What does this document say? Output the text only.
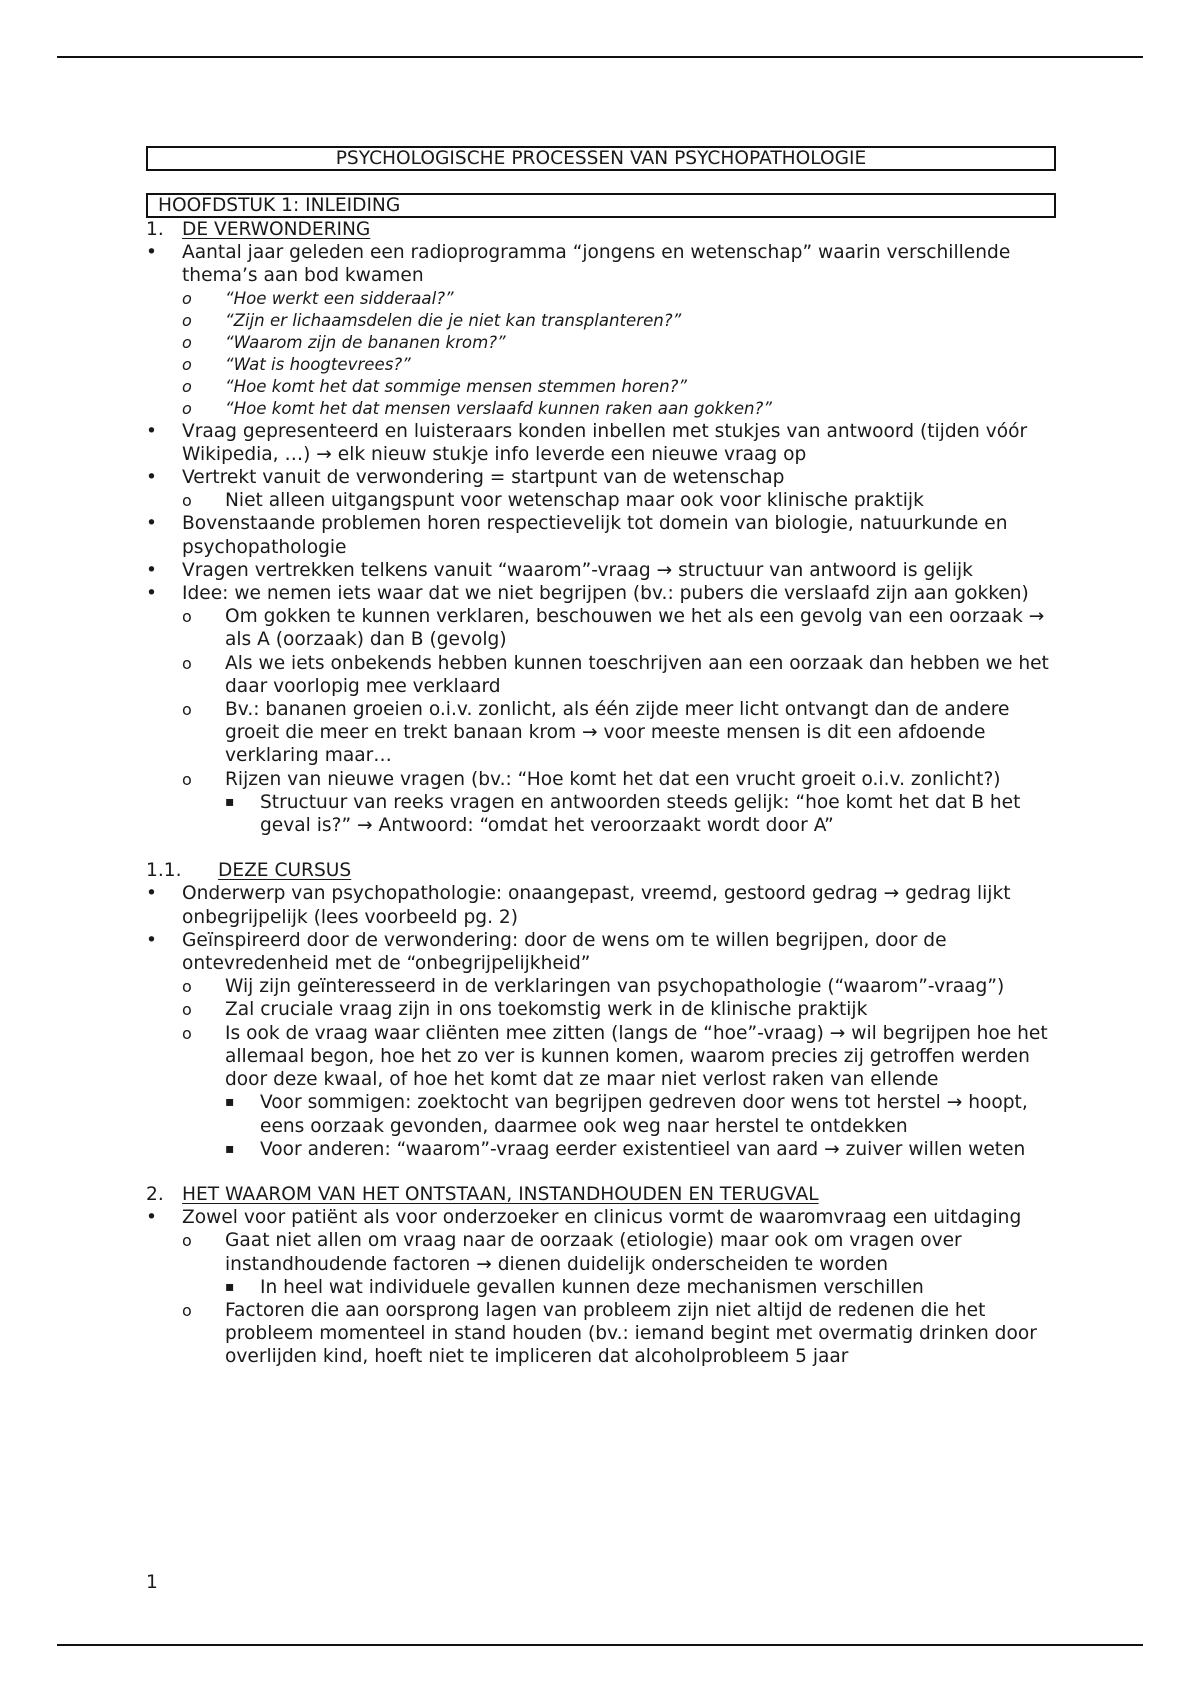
PSYCHOLOGISCHE PROCESSEN VAN PSYCHOPATHOLOGIE
HOOFDSTUK 1: INLEIDING
1. DE VERWONDERING
• Aantal jaar geleden een radioprogramma “jongens en wetenschap” waarin verschillende thema’s aan bod kwamen
o “Hoe werkt een sidderaal?”
o “Zijn er lichaamsdelen die je niet kan transplanteren?”
o “Waarom zijn de bananen krom?”
o “Wat is hoogtevrees?”
o “Hoe komt het dat sommige mensen stemmen horen?”
o “Hoe komt het dat mensen verslaafd kunnen raken aan gokken?”
• Vraag gepresenteerd en luisteraars konden inbellen met stukjes van antwoord (tijden vóór Wikipedia, …) → elk nieuw stukje info leverde een nieuwe vraag op
• Vertrekt vanuit de verwondering = startpunt van de wetenschap
o Niet alleen uitgangspunt voor wetenschap maar ook voor klinische praktijk
• Bovenstaande problemen horen respectievelijk tot domein van biologie, natuurkunde en psychopathologie
• Vragen vertrekken telkens vanuit “waarom”-vraag → structuur van antwoord is gelijk
• Idee: we nemen iets waar dat we niet begrijpen (bv.: pubers die verslaafd zijn aan gokken)
o Om gokken te kunnen verklaren, beschouwen we het als een gevolg van een oorzaak → als A (oorzaak) dan B (gevolg)
o Als we iets onbekends hebben kunnen toeschrijven aan een oorzaak dan hebben we het daar voorlopig mee verklaard
o Bv.: bananen groeien o.i.v. zonlicht, als één zijde meer licht ontvangt dan de andere groeit die meer en trekt banaan krom → voor meeste mensen is dit een afdoende verklaring maar…
o Rijzen van nieuwe vragen (bv.: “Hoe komt het dat een vrucht groeit o.i.v. zonlicht?)
▪ Structuur van reeks vragen en antwoorden steeds gelijk: “hoe komt het dat B het geval is?” → Antwoord: “omdat het veroorzaakt wordt door A”
1.1.	DEZE CURSUS
• Onderwerp van psychopathologie: onaangepast, vreemd, gestoord gedrag → gedrag lijkt onbegrijpelijk (lees voorbeeld pg. 2)
• Geïnspireerd door de verwondering: door de wens om te willen begrijpen, door de ontevredenheid met de “onbegrijpelijkheid”
o Wij zijn geïnteresseerd in de verklaringen van psychopathologie (“waarom”-vraag”)
o Zal cruciale vraag zijn in ons toekomstig werk in de klinische praktijk
o Is ook de vraag waar cliënten mee zitten (langs de “hoe”-vraag) → wil begrijpen hoe het allemaal begon, hoe het zo ver is kunnen komen, waarom precies zij getroffen werden door deze kwaal, of hoe het komt dat ze maar niet verlost raken van ellende
▪ Voor sommigen: zoektocht van begrijpen gedreven door wens tot herstel → hoopt, eens oorzaak gevonden, daarmee ook weg naar herstel te ontdekken
▪ Voor anderen: “waarom”-vraag eerder existentieel van aard → zuiver willen weten
2. HET WAAROM VAN HET ONTSTAAN, INSTANDHOUDEN EN TERUGVAL
• Zowel voor patiënt als voor onderzoeker en clinicus vormt de waaromvraag een uitdaging
o Gaat niet allen om vraag naar de oorzaak (etiologie) maar ook om vragen over instandhoudende factoren → dienen duidelijk onderscheiden te worden
▪ In heel wat individuele gevallen kunnen deze mechanismen verschillen
o Factoren die aan oorsprong lagen van probleem zijn niet altijd de redenen die het probleem momenteel in stand houden (bv.: iemand begint met overmatig drinken door overlijden kind, hoeft niet te impliceren dat alcoholprobleem 5 jaar
1
